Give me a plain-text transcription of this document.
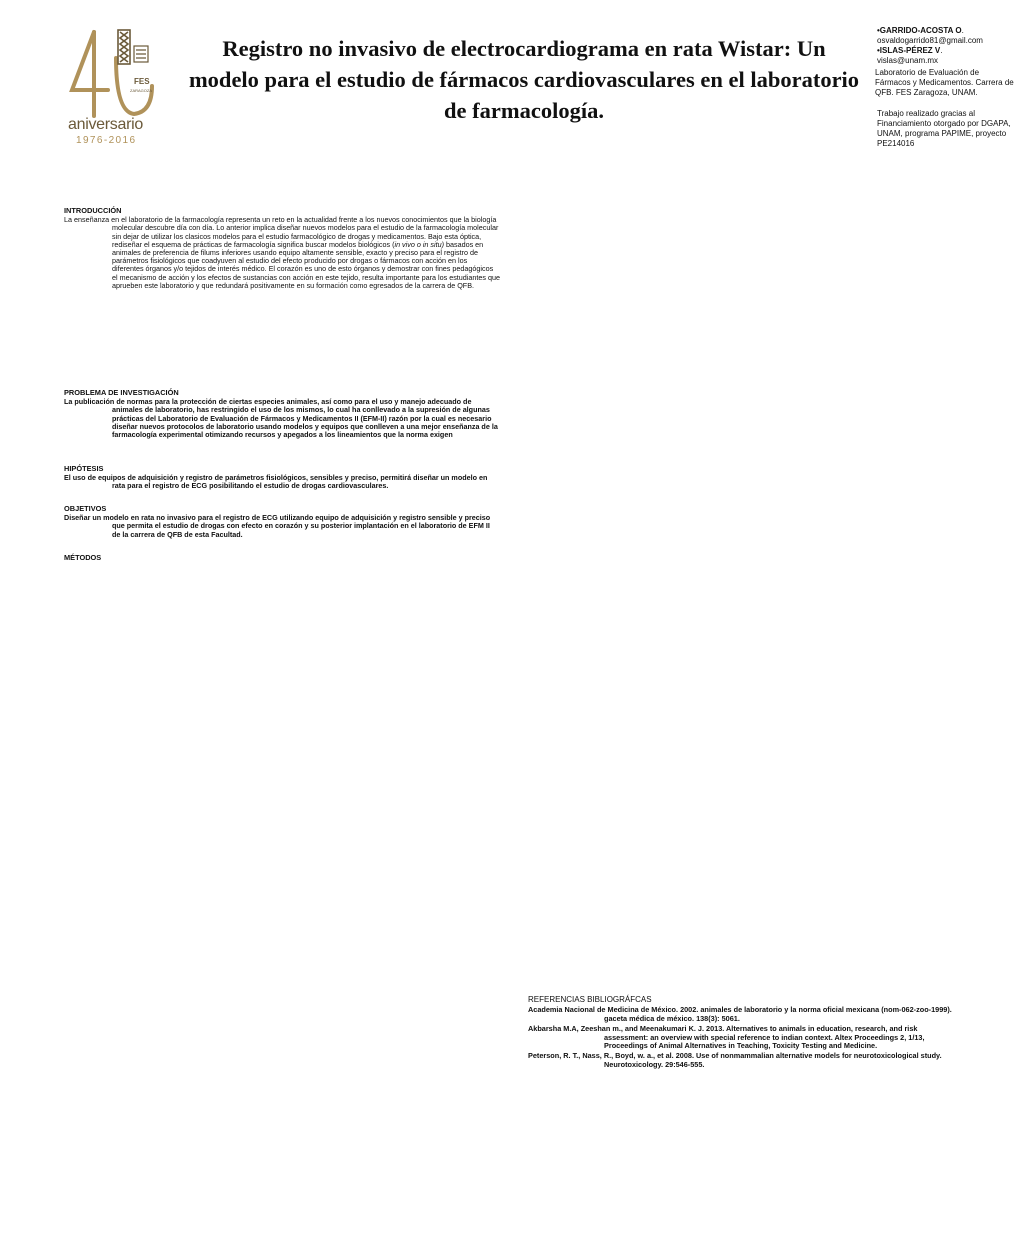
FES
ZARAGOZA
aniversario
1976-2016
Registro no invasivo de electrocardiograma en rata Wistar: Un modelo para el estudio de fármacos cardiovasculares en el laboratorio de farmacología.
•GARRIDO-ACOSTA O.
osvaldogarrido81@gmail.com
•ISLAS-PÉREZ V.
vislas@unam.mx
Laboratorio de Evaluación de Fármacos y Medicamentos. Carrera de QFB. FES Zaragoza, UNAM.
Trabajo realizado gracias al Financiamiento otorgado por DGAPA, UNAM, programa PAPIME, proyecto PE214016
INTRODUCCIÓN

La enseñanza en el laboratorio de la farmacología representa un reto en la actualidad frente a los nuevos conocimientos que la biología molecular descubre día con día. Lo anterior implica diseñar nuevos modelos para el estudio de la farmacología molecular sin dejar de utilizar los clasicos modelos para el estudio farmacológico de drogas y medicamentos. Bajo esta óptica, rediseñar el esquema de prácticas de farmacología significa buscar modelos biológicos (in vivo o in situ) basados en animales de preferencia de filums inferiores usando equipo altamente sensible, exacto y preciso para el registro de parámetros fisiológicos que coadyuven al estudio del efecto producido por drogas o fármacos con acción en los diferentes órganos y/o tejidos de interés médico. El corazón es uno de esto órganos y demostrar con fines pedagógicos el mecanismo de acción y los efectos de sustancias con acción en este tejido, resulta importante para los estudiantes que aprueben este laboratorio y que redundará positivamente en su formación como egresados de la carrera de QFB.

PROBLEMA DE INVESTIGACIÓN

La publicación de normas para la protección de ciertas especies animales, así como para el uso y manejo adecuado de animales de laboratorio, has restringido el uso de los mismos, lo cual ha conllevado a la supresión de algunas prácticas del Laboratorio de Evaluación de Fármacos y Medicamentos II (EFM-II) razón por la cual es necesario diseñar nuevos protocolos de laboratorio usando modelos y equipos que conlleven a una mejor enseñanza de la farmacología experimental otimizando recursos y apegados a los lineamientos que la norma exigen

HIPÓTESIS

El uso de equipos de adquisición y registro de parámetros fisiológicos, sensibles y preciso, permitirá diseñar un modelo en rata para el registro de ECG posibilitando el estudio de drogas cardiovasculares.

OBJETIVOS

Diseñar un modelo en rata no invasivo para el registro de ECG utilizando equipo de adquisición y registro sensible y preciso que permita el estudio de drogas con efecto en corazón y su posterior implantación en el laboratorio de EFM II de la carrera de QFB de esta Facultad.

MÉTODOS
REFERENCIAS BIBLIOGRÁFCAS

Academia Nacional de Medicina de México. 2002. animales de laboratorio y la norma oficial mexicana (nom-062-zoo-1999). gaceta médica de méxico. 138(3): 5061.

Akbarsha M.A, Zeeshan m., and Meenakumari K. J. 2013. Alternatives to animals in education, research, and risk assessment: an overview with special reference to indian context. Altex Proceedings 2, 1/13, Proceedings of Animal Alternatives in Teaching, Toxicity Testing and Medicine.

Peterson, R. T., Nass, R., Boyd, w. a., et al. 2008. Use of nonmammalian alternative models for neurotoxicological study. Neurotoxicology. 29:546-555.
